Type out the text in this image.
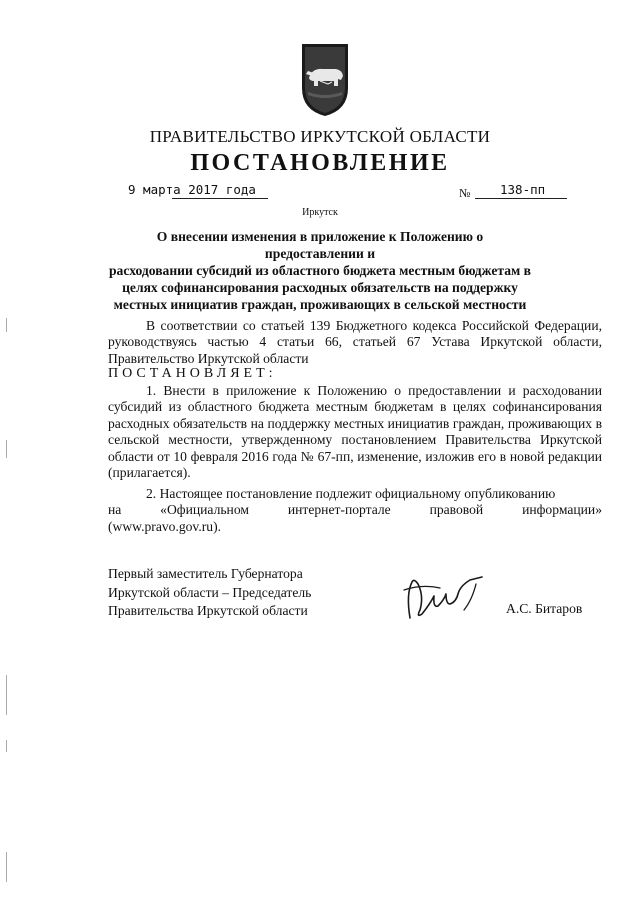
ПРАВИТЕЛЬСТВО ИРКУТСКОЙ ОБЛАСТИ
ПОСТАНОВЛЕНИЕ
9 марта 2017 года	№ 138-пп
Иркутск
О внесении изменения в приложение к Положению о предоставлении и
расходовании субсидий из областного бюджета местным бюджетам в
целях софинансирования расходных обязательств на поддержку
местных инициатив граждан, проживающих в сельской местности
В соответствии со статьей 139 Бюджетного кодекса Российской Федерации, руководствуясь частью 4 статьи 66, статьей 67 Устава Иркутской области, Правительство Иркутской области
ПОСТАНОВЛЯЕТ:
1. Внести в приложение к Положению о предоставлении и расходовании субсидий из областного бюджета местным бюджетам в целях софинансирования расходных обязательств на поддержку местных инициатив граждан, проживающих в сельской местности, утвержденному постановлением Правительства Иркутской области от 10 февраля 2016 года № 67-пп, изменение, изложив его в новой редакции (прилагается).
2. Настоящее постановление подлежит официальному опубликованию
на «Официальном интернет-портале правовой информации»
(www.pravo.gov.ru).
Первый заместитель Губернатора
Иркутской области – Председатель
Правительства Иркутской области	А.С. Битаров
